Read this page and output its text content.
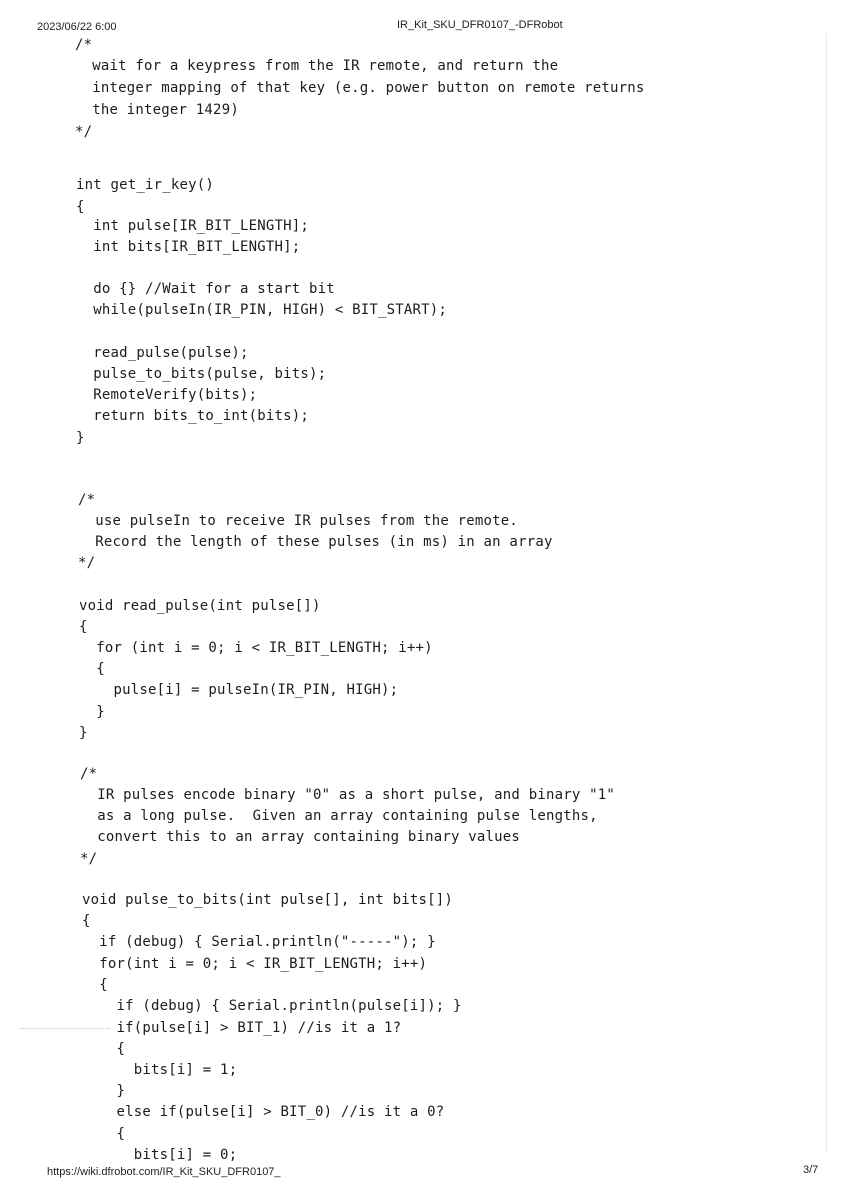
2023/06/22 6:00	IR_Kit_SKU_DFR0107_-DFRobot
/*
wait for a keypress from the IR remote, and return the
integer mapping of that key (e.g. power button on remote returns
the integer 1429)
*/
int get_ir_key()
{
int pulse[IR_BIT_LENGTH];
int bits[IR_BIT_LENGTH];
do {} //Wait for a start bit
while(pulseIn(IR_PIN, HIGH) < BIT_START);
read_pulse(pulse);
pulse_to_bits(pulse, bits);
RemoteVerify(bits);
return bits_to_int(bits);
}
/*
use pulseIn to receive IR pulses from the remote.
Record the length of these pulses (in ms) in an array
*/
void read_pulse(int pulse[])
{
for (int i = 0; i < IR_BIT_LENGTH; i++)
{
pulse[i] = pulseIn(IR_PIN, HIGH);
}
}
/*
IR pulses encode binary "0" as a short pulse, and binary "1"
as a long pulse.  Given an array containing pulse lengths,
convert this to an array containing binary values
*/
void pulse_to_bits(int pulse[], int bits[])
{
if (debug) { Serial.println("-----"); }
for(int i = 0; i < IR_BIT_LENGTH; i++)
{
if (debug) { Serial.println(pulse[i]); }
if(pulse[i] > BIT_1) //is it a 1?
{
bits[i] = 1;
}
else if(pulse[i] > BIT_0) //is it a 0?
{
bits[i] = 0;
https://wiki.dfrobot.com/IR_Kit_SKU_DFR0107_	3/7
